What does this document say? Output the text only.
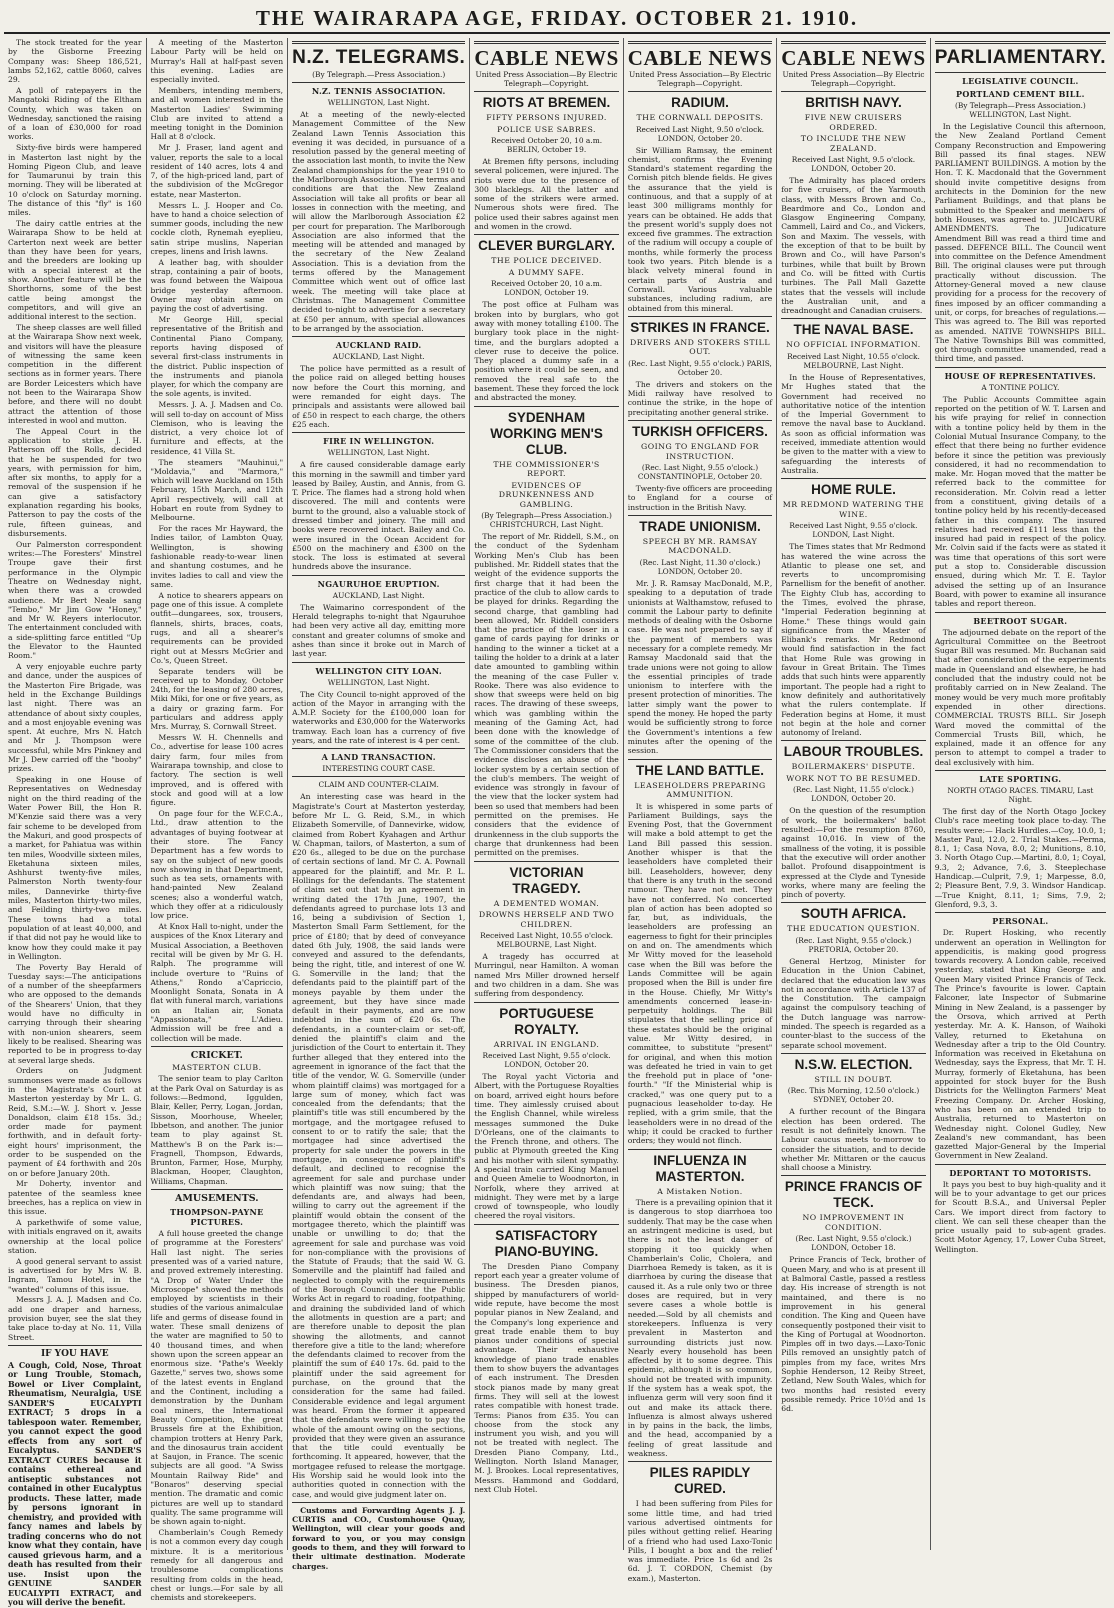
THE WAIRARAPA AGE, FRIDAY. OCTOBER 21. 1910.

The stock treated for the year by the Gisborne Freezing Company was: Sheep 186,521, lambs 52,162, cattle 8060, calves 29.

A poll of ratepayers in the Mangatoki Riding of the Eltham County, which was taken on Wednesday, sanctioned the raising of a loan of £30,000 for road works.

Sixty-five birds were hampered in Masterton last night by the Homing Pigeon Club, and leave for Taumarunui by train this morning. They will be liberated at 10 o'clock on Saturday morning. The distance of this "fly" is 160 miles.

The dairy cattle entries at the Wairarapa Show to be held at Carterton next week are better than they have been for years, and the breeders are looking up with a special interest at the show. Another feature will be the Shorthorns, some of the best cattle being amongst the competitors, and will give an additional interest to the section.

The sheep classes are well filled at the Wairarapa Show next week, and visitors will have the pleasure of witnessing the same keen competition in the different sections as in former years. There are Border Leicesters which have not been to the Wairarapa Show before, and there will no doubt attract the attention of those interested in wool and mutton.

The Appeal Court in the application to strike J. H. Patterson off the Rolls, decided that he be suspended for two years, with permission for him, after six months, to apply for a removal of the suspension if he can give a satisfactory explanation regarding his books, Patterson to pay the costs of the rule, fifteen guineas, and disbursements.

Our Palmerston correspondent writes:—The Foresters' Minstrel Troupe gave their first performance in the Olympic Theatre on Wednesday night, when there was a crowded audience. Mr Bert Neale sang "Tembo," Mr Jim Gow "Honey," and Mr W. Reyers interlocutor. The entertainment concluded with a side-splitting farce entitled "Up the Elevator to the Haunted Room."

A very enjoyable euchre party and dance, under the auspices of the Masterton Fire Brigade, was held in the Exchange Buildings last night. There was an attendance of about sixty couples, and a most enjoyable evening was spent. At euchre, Mrs N. Hatch and Mr J. Thompson were successful, while Mrs Pinkney and Mr J. Dew carried off the "booby" prizes.

Speaking in one House of Representatives on Wednesday night on the third reading of the Water Power Bill, the Hon R. M'Kenzie said there was a very fair scheme to be developed from the Makuri, and good prospects of a market, for Pahiatua was within ten miles, Woodville sixteen miles, Eketahuna sixteen miles, Ashhurst twenty-five miles, Palmerston North twenty-four miles, Dannevirke thirty-five miles, Masterton thirty-two miles, and Feilding thirty-two miles. These towns had a total population of at least 40,000, and if that did not pay he would like to know how they could make it pay in Wellington.

The Poverty Bay Herald of Tuesday says:—The anticipations of a number of the sheepfarmers who are opposed to the demands of the Shearers' Union, that they would have no difficulty in carrying through their shearing with non-union shearers, seem likely to be realised. Shearing was reported to be in progress to-day at several large sheds.

Orders on Judgment summonses were made as follows in the Magistrate's Court at Masterton yesterday by Mr L. G. Reid, S.M.:—W. J. Short v. Jesse Donaldson, claim £18 15s. 3d.; order made for payment forthwith, and in default forty-eight hours' imprisonment, the order to be suspended on the payment of £4 forthwith and 20s on or before January 20th.

Mr Doherty, inventor and patentee of the seamless knee breeches, has a replica on view in this issue.

A parkethwife of some value, with initials engraved on it, awaits ownership at the local police station.

A good general servant to assist is advertised for by Mrs W. B. Ingram, Tamou Hotel, in the "wanted" columns of this issue.

Messrs J. A. J. Madsen and Co. add one draper and harness, provision buyer, see the slat they take place to-day at No. 11, Villa Street.

IF YOU HAVE
A Cough, Cold, Nose, Throat or Lung Trouble, Stomach, Bowel or Liver Complaint, Rheumatism, Neuralgia, USE SANDER'S EUCALYPTI EXTRACT; 5 drops in a tablespoon water. Remember, you cannot expect the good effects from any sort of Eucalyptus. SANDER'S EXTRACT CURES because it contains ethereal and antiseptic substances not contained in other Eucalyptus products. These latter, made by persons ignorant in chemistry, and provided with fancy names and labels by trading concerns who do not know what they contain, have caused grievous harm, and a death has resulted from their use. Insist upon the GENUINE SANDER EUCALYPTI EXTRACT, and you will derive the benefit.

A meeting of the Masterton Labour Party will be held on Murray's Hall at half-past seven this evening. Ladies are especially invited.

Members, intending members, and all women interested in the Masterton Ladies' Swimming Club are invited to attend a meeting tonight in the Dominion Hall at 8 o'clock.

Mr J. Fraser, land agent and valuer, reports the sale to a local resident of 140 acres, lots 4 and 7, of the high-priced land, part of the subdivision of the McGregor estate, near Masterton.

Messrs L. J. Hooper and Co. have to hand a choice selection of summer goods, including the new cockle cloth, Rynemah eyeplieu, satin stripe muslins, Naperian crepes, linens and Irish lawns.

A leather bag, with shoulder strap, containing a pair of boots, was found between the Waipoua bridge yesterday afternoon. Owner may obtain same on paying the cost of advertising.

Mr George Hill, special representative of the British and Continental Piano Company, reports having disposed of several first-class instruments in the district. Public inspection of the instruments and pianola player, for which the company are the sole agents, is invited.

Messrs. J. A. J. Madsen and Co. will sell to-day on account of Miss Clemison, who is leaving the district, a very choice lot of furniture and effects, at the residence, 41 Villa St.

The steamers "Mauhinui," "Moldavia," and "Marmora," which will leave Auckland on 15th February, 15th March, and 12th April respectively, will call at Hobart en route from Sydney to Melbourne.

For the races Mr Hayward, the Indies tailor, of Lambton Quay, Wellington, is showing fashionable ready-to-wear linen and shantung costumes, and he invites ladies to call and view the same.

A notice to shearers appears on page one of this issue. A complete outfit—dungarees, sox, trousers, flannels, shirts, braces, coats, rugs, and all a shearer's requirements can be provided right out at Messrs McGrier and Co.'s, Queen Street.

Separate tenders will be received up to Monday, October 24th, for the leasing of 280 acres, Miki Miki, for one or five years, as a dairy or grazing farm. For particulars and address apply Mrs. Murray, S. Cornwall Street.

Messrs W. H. Chennells and Co., advertise for lease 100 acres dairy farm, four miles from Wairarapa township, and close to factory. The section is well improved, and is offered with stock and good will at a low figure.

On page four for the W.F.C.A., Ltd., draw attention to the advantages of buying footwear at their store. The Fancy Department has a few words to say on the subject of new goods now showing in that Department, such as tea sets, ornaments with hand-painted New Zealand scenes; also a wonderful watch, which they offer at a ridiculously low price.

At Knox Hall to-night, under the auspices of the Knox Literary and Musical Association, a Beethoven recital will be given by Mr G. H. Ralph. The programme will include overture to "Ruins of Athens," Rondo a'Capriccio, Moonlight Sonata, Sonata in A flat with funeral march, variations on an Italian air, Sonata "Appassionata," L'Adieu. Admission will be free and a collection will be made.

CRICKET.
MASTERTON CLUB.

The senior team to play Carlton at the Park Oval on Saturday is as follows:—Bedmond, Iggulden, Blair, Keller, Perry, Logan, Jordan, Sisson, Moorhouse, Wheeler, Ibbetson, and another. The junior team to play against St. Matthew's B on the Park is:—Fragnell, Thompson, Edwards, Brunton, Farmer, Hose, Murphy, Blackman, Hooper, Claughton, Williams, Chapman.

AMUSEMENTS.
THOMPSON-PAYNE PICTURES.

A full house greeted the change of programme at the Foresters' Hall last night. The series presented was of a varied nature, and proved extremely interesting. "A Drop of Water Under the Microscope" showed the methods employed by scientists in their studies of the various animalculae life and germs of disease found in water. These small denizens of the water are magnified to 50 to 40 thousand times, and when shown upon the screen appear an enormous size. "Pathe's Weekly Gazette," serves two, shows some of the latest events in England and the Continent, including a demonstration by the Dunham coal miners, the International Beauty Competition, the great Brussels fire at the Exhibition, champion trotters at Henry Park, and the dinosaurus train accident at Saujon, in France. The scenic subjects are all good. "A Swiss Mountain Railway Ride" and "Bonaros" deserving special mention. The dramatic and comic pictures are well up to standard quality. The same programme will be shown again to-night.

Chamberlain's Cough Remedy is not a common every day cough mixture. It is a meritorious remedy for all dangerous and troublesome complications resulting from colds in the head, chest or lungs.—For sale by all chemists and storekeepers.

N.Z. TELEGRAMS.
(By Telegraph.—Press Association.)
N.Z. TENNIS ASSOCIATION.
WELLINGTON, Last Night.

At a meeting of the newly-elected Management Committee of the New Zealand Lawn Tennis Association this evening it was decided, in pursuance of a resolution passed by the general meeting of the association last month, to invite the New Zealand championships for the year 1910 to the Marlborough Association. The terms and conditions are that the New Zealand Association will take all profits or bear all losses in connection with the meeting, and will allow the Marlborough Association £2 per court for preparation. The Marlborough Association are also informed that the meeting will be attended and managed by the secretary of the New Zealand Association. This is a deviation from the terms offered by the Management Committee which went out of office last week. The meeting will take place at Christmas. The Management Committee decided to-night to advertise for a secretary at £50 per annum, with special allowances to be arranged by the association.

AUCKLAND RAID.
AUCKLAND, Last Night.

The police have permitted as a result of the police raid on alleged betting houses now before the Court this morning, and were remanded for eight days. The principals and assistants were allowed bail of £50 in respect to each charge, the others £25 each.

FIRE IN WELLINGTON.
WELLINGTON, Last Night.

A fire caused considerable damage early this morning in the sawmill and timber yard leased by Bailey, Austin, and Annis, from G. T. Price. The flames had a strong hold when discovered. The mill and contents were burnt to the ground, also a valuable stock of dressed timber and joinery. The mill and books were recovered intact. Bailey and Co. were insured in the Ocean Accident for £500 on the machinery and £300 on the stock. The loss is estimated at several hundreds above the insurance.

NGAURUHOE ERUPTION.
AUCKLAND, Last Night.

The Waimarino correspondent of the Herald telegraphs to-night that Ngauruhoe had been very active all day, emitting more constant and greater columns of smoke and ashes than since it broke out in March of last year.

WELLINGTON CITY LOAN.
WELLINGTON, Last Night.

The City Council to-night approved of the action of the Mayor in arranging with the A.M.P. Society for the £100,000 loan for waterworks and £30,000 for the Waterworks tramway. Each loan has a currency of five years, and the rate of interest is 4 per cent.

A LAND TRANSACTION.
INTERESTING COURT CASE.
CLAIM AND COUNTER-CLAIM.

An interesting case was heard in the Magistrate's Court at Masterton yesterday, before Mr L. G. Reid, S.M., in which Elizabeth Somerville, of Dannevirke, widow, claimed from Robert Kyahagen and Arthur W. Chapman, tailors, of Masterton, a sum of £20 6s., alleged to be due on the purchase of certain sections of land. Mr C. A. Pownall appeared for the plaintiff, and Mr. P. L. Hollings for the defendants. The statement of claim set out that by an agreement in writing dated the 17th June, 1907, the defendants agreed to purchase lots 13 and 16, being a subdivision of Section 1, Masterton Small Farm Settlement, for the price of £180; that by deed of conveyance dated 6th July, 1908, the said lands were conveyed and assured to the defendants, being the right, title, and interest of one W. G. Somerville in the land; that the defendants paid to the plaintiff part of the moneys payable by them under the agreement, but they have since made default in their payments, and are now indebted in the sum of £20 6s. The defendants, in a counter-claim or set-off, denied the plaintiff's claim and the jurisdiction of the Court to entertain it. They further alleged that they entered into the agreement in ignorance of the fact that the title of the vendor, W. G. Somerville (under whom plaintiff claims) was mortgaged for a large sum of money, which fact was concealed from the defendants; that the plaintiff's title was still encumbered by the mortgage, and the mortgagee refused to consent to or to ratify the sale; that the mortgagee had since advertised the property for sale under the powers in the mortgage, in consequence of plaintiff's default, and declined to recognise the agreement for sale and purchase under which plaintiff was now suing; that the defendants are, and always had been, willing to carry out the agreement if the plaintiff would obtain the consent of the mortgagee thereto, which the plaintiff was unable or unwilling to do; that the agreement for sale and purchase was void for non-compliance with the provisions of the Statute of Frauds; that the said W. G. Somerville and the plaintiff had failed and neglected to comply with the requirements of the Borough Council under the Public Works Act in regard to roading, footpathing, and draining the subdivided land of which the allotments in question are a part; and are therefore unable to deposit the plan showing the allotments, and cannot therefore give a title to the land; wherefore the defendants claimed to recover from the plaintiff the sum of £40 17s. 6d. paid to the plaintiff under the said agreement for purchase, on the ground that the consideration for the same had failed. Considerable evidence and legal argument was heard. From the former it appeared that the defendants were willing to pay the whole of the amount owing on the sections, provided that they were given an assurance that the title could eventually be forthcoming. It appeared, however, that the mortgagee refused to release the mortgage. His Worship said he would look into the authorities quoted in connection with the case, and would give judgment later on.

Customs and Forwarding Agents J. J. CURTIS and CO., Customhouse Quay, Wellington, will clear your goods and forward to you, or you may consign goods to them, and they will forward to their ultimate destination. Moderate charges.

CABLE NEWS
United Press Association—By Electric Telegraph—Copyright.
RIOTS AT BREMEN.
FIFTY PERSONS INJURED.
POLICE USE SABRES.
Received October 20, 10 a.m. BERLIN, October 19.

At Bremen fifty persons, including several policemen, were injured. The riots were due to the presence of 300 blacklegs. All the latter and some of the strikers were armed. Numerous shots were fired. The police used their sabres against men and women in the crowd.

CLEVER BURGLARY.
THE POLICE DECEIVED.
A DUMMY SAFE.
Received October 20, 10 a.m. LONDON, October 19.

The post office at Fulham was broken into by burglars, who got away with money totalling £100. The burglary took place in the night-time, and the burglars adopted a clever ruse to deceive the police. They placed a dummy safe in a position where it could be seen, and removed the real safe to the basement. These they forced the lock and abstracted the money.

SYDENHAM WORKING MEN'S CLUB.
THE COMMISSIONER'S REPORT.
EVIDENCES OF DRUNKENNESS AND GAMBLING.
(By Telegraph—Press Association.) CHRISTCHURCH, Last Night.

The report of Mr. Riddell, S.M., on the conduct of the Sydenham Working Men's Club has been published. Mr. Riddell states that the weight of the evidence supports the first charge that it had been the practice of the club to allow cards to be played for drinks. Regarding the second charge, that gambling had been allowed, Mr. Riddell considers that the practice of the loser in a game of cards paying for drinks or handing to the winner a ticket at a tailing the holder to a drink at a later date amounted to gambling within the meaning of the case Fuller v. Rooke. There was also evidence to show that sweeps were held on big races. The drawing of these sweeps, which was gambling within the meaning of the Gaming Act, had been done with the knowledge of some of the committee of the club. The Commissioner considers that the evidence discloses an abuse of the locker system by a certain section of the club's members. The weight of evidence was strongly in favour of the view that the locker system had been so used that members had been permitted on the premises. He considers that the evidence of drunkenness in the club supports the charge that drunkenness had been permitted on the premises.

VICTORIAN TRAGEDY.
A DEMENTED WOMAN.
DROWNS HERSELF AND TWO CHILDREN.
Received Last Night, 10.55 o'clock. MELBOURNE, Last Night.

A tragedy has occurred at Murringul, near Hamilton. A woman named Mrs Miller drowned herself and two children in a dam. She was suffering from despondency.

PORTUGUESE ROYALTY.
ARRIVAL IN ENGLAND.
Received Last Night, 9.55 o'clock. LONDON, October 20.

The Royal yacht Victoria and Albert, with the Portuguese Royalties on board, arrived eight hours before time. They aimlessly cruised about the English Channel, while wireless messages summoned the Duke D'Orleans, one of the claimants to the French throne, and others. The public at Plymouth greeted the King and his mother with silent sympathy. A special train carried King Manuel and Queen Amelie to Woodnorton, in Norfolk, where they arrived at midnight. They were met by a large crowd of townspeople, who loudly cheered the royal visitors.

SATISFACTORY PIANO-BUYING.

The Dresden Piano Company report each year a greater volume of business. The Dresden pianos, shipped by manufacturers of world-wide repute, have become the most popular pianos in New Zealand, and the Company's long experience and great trade enable them to buy pianos under conditions of special advantage. Their exhaustive knowledge of piano trade enables them to show buyers the advantages of each instrument. The Dresden stock pianos made by many great firms. They will sell at the lowest rates compatible with honest trade. Terms: Pianos from £35. You can choose from the stock any instrument you wish, and you will not be treated with neglect. The Dresden Piano Company, Ltd., Wellington. North Island Manager, M. J. Brookes. Local representatives, Messrs. Hammond and Goddard, next Club Hotel.

CABLE NEWS
United Press Association—By Electric Telegraph—Copyright.
RADIUM.
THE CORNWALL DEPOSITS.
Received Last Night, 9.50 o'clock. LONDON, October 20.

Sir William Ramsay, the eminent chemist, confirms the Evening Standard's statement regarding the Cornish pitch blende fields. He gives the assurance that the yield is continuous, and that a supply of at least 300 milligrams monthly for years can be obtained. He adds that the present world's supply does not exceed five grammes. The extraction of the radium will occupy a couple of months, while formerly the process took two years. Pitch blende is a black velvety mineral found in certain parts of Austria and Cornwall. Various valuable substances, including radium, are obtained from this mineral.

STRIKES IN FRANCE.
DRIVERS AND STOKERS STILL OUT.
(Rec. Last Night, 9.55 o'clock.) PARIS, October 20.

The drivers and stokers on the Midi railway have resolved to continue the strike, in the hope of precipitating another general strike.

TURKISH OFFICERS.
GOING TO ENGLAND FOR INSTRUCTION.
(Rec. Last Night, 9.55 o'clock.) CONSTANTINOPLE, October 20.

Twenty-five officers are proceeding to England for a course of instruction in the British Navy.

TRADE UNIONISM.
SPEECH BY MR. RAMSAY MACDONALD.
(Rec. Last Night, 11.30 o'clock.) LONDON, October 20.

Mr. J. R. Ramsay MacDonald, M.P., speaking to a deputation of trade unionists at Walthamstow, refused to commit the Labour party to definite methods of dealing with the Osborne case. He was not prepared to say if the payment of members was necessary for a complete remedy. Mr Ramsay Macdonald said that the trade unions were not going to allow the essential principles of trade unionism to interfere with the present protection of minorities. The latter simply want the power to spend the money. He hoped the party would be sufficiently strong to force the Government's intentions a few minutes after the opening of the session.

THE LAND BATTLE.
LEASEHOLDERS PREPARING AMMUNITION.

It is whispered in some parts of Parliament Buildings, says the Evening Post, that the Government will make a bold attempt to get the Land Bill passed this session. Another whisper is that the leaseholders have completed their bill. Leaseholders, however, deny that there is any truth in the second rumour. They have not met. They have not conferred. No concerted plan of action has been adopted so far, but, as individuals, the leaseholders are professing an eagerness to fight for their principles on and on. The amendments which Mr Witty moved for the leasehold case when the Bill was before the Lands Committee will be again proposed when the Bill is under fire in the House. Chiefly, Mr Witty's amendments concerned lease-in-perpetuity holdings. The Bill stipulates that the selling price of these estates should be the original value. Mr Witty desired, in committee, to substitute "present" for original, and when this motion was defeated he tried in vain to get the freehold put in place of "one-fourth." "If the Ministerial whip is cracked," was one query put to a pugnacious leaseholder to-day. He replied, with a grim smile, that the leaseholders were in no dread of the whip; it could be cracked to further orders; they would not flinch.

INFLUENZA IN MASTERTON.
A Mistaken Notion.

There is a prevailing opinion that it is dangerous to stop diarrhoea too suddenly. That may be the case when an astringent medicine is used, but there is not the least danger of stopping it too quickly when Chamberlain's Colic, Cholera, and Diarrhoea Remedy is taken, as it is diarrhoea by curing the disease that caused it. As a rule only two or three doses are required, but in very severe cases a whole bottle is needed.—Sold by all chemists and storekeepers. Influenza is very prevalent in Masterton and surrounding districts just now. Nearly every household has been affected by it to some degree. This epidemic, although it is so common, should not be treated with impunity. If the system has a weak spot, the influenza germ will very soon find it out and make its attack there. Influenza is almost always ushered in by pains in the back, the limbs, and the head, accompanied by a feeling of great lassitude and weakness.

PILES RAPIDLY CURED.

I had been suffering from Piles for some little time, and had tried various advertised ointments for piles without getting relief. Hearing of a friend who had used Laxo-Tonic Pills, I bought a box and the relief was immediate. Price 1s 6d and 2s 6d. J. T. CORDON, Chemist (by exam.), Masterton.

CABLE NEWS
United Press Association—By Electric Telegraph—Copyright.
BRITISH NAVY.
FIVE NEW CRUISERS ORDERED.
TO INCLUDE THE NEW ZEALAND.
Received Last Night, 9.5 o'clock. LONDON, October 20.

The Admiralty has placed orders for five cruisers, of the Yarmouth class, with Messrs Brown and Co., Beardmore and Co., London and Glasgow Engineering Company, Cammell, Laird and Co., and Vickers, Son and Maxim. The vessels, with the exception of that to be built by Brown and Co., will have Parson's turbines, while that built by Brown and Co. will be fitted with Curtis turbines. The Pall Mall Gazette states that the vessels will include the Australian unit, and a dreadnought and Canadian cruisers.

THE NAVAL BASE.
NO OFFICIAL INFORMATION.
Received Last Night, 10.55 o'clock. MELBOURNE, Last Night.

In the House of Representatives, Mr Hughes stated that the Government had received no authoritative notice of the intention of the Imperial Government to remove the naval base to Auckland. As soon as official information was received, immediate attention would be given to the matter with a view to safeguarding the interests of Australia.

HOME RULE.
MR REDMOND WATERING THE WINE.
Received Last Night, 9.55 o'clock. LONDON, Last Night.

The Times states that Mr Redmond has watered the wine across the Atlantic to please one set, and reverts to uncompromising Parnellism for the benefit of another. The Eighty Club has, according to the Times, evolved the phrase, "Imperial Federation beginning at Home." These things would gain significance from the Master of Elibank's remarks. Mr Redmond would find satisfaction in the fact that Home Rule was growing in favour in Great Britain. The Times adds that such hints were apparently important. The people had a right to know definitely and authoritatively what the rulers contemplate. If Federation begins at Home, it must not begin at the hole and corner autonomy of Ireland.

LABOUR TROUBLES.
BOILERMAKERS' DISPUTE.
WORK NOT TO BE RESUMED.
(Rec. Last Night, 11.55 o'clock.) LONDON, October 20.

On the question of the resumption of work, the boilermakers' ballot resulted:—For the resumption 8760, against 10,016. In view of the smallness of the voting, it is possible that the executive will order another ballot. Profound disappointment is expressed at the Clyde and Tyneside works, where many are feeling the pinch of poverty.

SOUTH AFRICA.
THE EDUCATION QUESTION.
(Rec. Last Night, 9.55 o'clock.) PRETORIA, October 20.

General Hertzog, Minister for Education in the Union Cabinet, declared that the education law was not in accordance with Article 137 of the Constitution. The campaign against the compulsory teaching of the Dutch language was narrow-minded. The speech is regarded as a counter-blast to the success of the separate school movement.

N.S.W. ELECTION.
STILL IN DOUBT.
(Rec. This Morning, 12.50 o'clock.) SYDNEY, October 20.

A further recount of the Bingara election has been ordered. The result is not definitely known. The Labour caucus meets to-morrow to consider the situation, and to decide whether Mr. Mittaren or the caucus shall choose a Ministry.

PRINCE FRANCIS OF TECK.
NO IMPROVEMENT IN CONDITION.
(Rec. Last Night, 9.55 o'clock.) LONDON, October 18.

Prince Francis of Teck, brother of Queen Mary, and who is at present ill at Balmoral Castle, passed a restless day. His increase of strength is not maintained, and there is no improvement in his general condition. The King and Queen have consequently postponed their visit to the King of Portugal at Woodnorton. Pimples off in two days.—Laxo-Tonic Pills removed an unsightly patch of pimples from my face, writes Mrs Sophie Henderson, 12 Reiby Street, Zetland, New South Wales, which for two months had resisted every possible remedy. Price 10½d and 1s 6d.

PARLIAMENTARY.
LEGISLATIVE COUNCIL.
PORTLAND CEMENT BILL.
(By Telegraph—Press Association.) WELLINGTON, Last Night.

In the Legislative Council this afternoon, the New Zealand Portland Cement Company Reconstruction and Empowering Bill passed its final stages. NEW PARLIAMENT BUILDINGS. A motion by the Hon. T. K. Macdonald that the Government should invite competitive designs from architects in the Dominion for the new Parliament Buildings, and that plans be submitted to the Speaker and members of both Houses, was agreed to. JUDICATURE AMENDMENTS. The Judicature Amendment Bill was read a third time and passed. DEFENCE BILL. The Council went into committee on the Defence Amendment Bill. The original clauses were put through practically without discussion. The Attorney-General moved a new clause providing for a process for the recovery of fines imposed by an officer commanding a unit, or corps, for breaches of regulations.—This was agreed to. The Bill was reported as amended. NATIVE TOWNSHIPS BILL. The Native Townships Bill was committed, got through committee unamended, read a third time, and passed.

HOUSE OF REPRESENTATIVES.
A TONTINE POLICY.

The Public Accounts Committee again reported on the petition of W. T. Larsen and his wife praying for relief in connection with a tontine policy held by them in the Colonial Mutual Insurance Company, to the effect that there being no further evidence before it since the petition was previously considered, it had no recommendation to make. Mr. Hogan moved that the matter be referred back to the committee for reconsideration. Mr. Colvin read a letter from a constituent, giving details of a tontine policy held by his recently-deceased father in this company. The insured relatives had received £111 less than the insured had paid in respect of the policy. Mr. Colvin said if the facts were as stated it was time that operations of this sort were put a stop to. Considerable discussion ensued, during which Mr. T. E. Taylor advised the setting up of an Insurance Board, with power to examine all insurance tables and report thereon.

BEETROOT SUGAR.

The adjourned debate on the report of the Agricultural Committee on the Beetroot Sugar Bill was resumed. Mr. Buchanan said that after consideration of the experiments made in Queensland and elsewhere, he had concluded that the industry could not be profitably carried on in New Zealand. The money would be very much more profitably expended in other directions. COMMERCIAL TRUSTS BILL. Sir Joseph Ward moved the committal of the Commercial Trusts Bill, which, he explained, made it an offence for any person to attempt to compel a trader to deal exclusively with him.

LATE SPORTING.
NORTH OTAGO RACES. TIMARU, Last Night.

The first day of the North Otago Jockey Club's race meeting took place to-day. The results were:— Hack Hurdles.—Coy, 10.0, 1; Master Paul, 12.0, 2. Trial Stakes.—Perma, 8.1, 1; Casa Nova, 8.0, 2; Munitions, 8.10, 3. North Otago Cup.—Martini, 8.0, 1; Coyal, 9.3, 2; Advance, 7.6, 3. Steeplechase Handicap.—Culprit, 7.9, 1; Marpesse, 8.0, 2; Pleasure Bent, 7.9, 3. Windsor Handicap.—True Knight, 8.11, 1; Sims, 7.9, 2; Glenford, 9.3, 3.

PERSONAL.

Dr. Rupert Hosking, who recently underwent an operation in Wellington for appendicitis, is making good progress towards recovery. A London cable, received yesterday, stated that King George and Queen Mary visited Prince Francis of Teck. The Prince's favourite is lower. Captain Falconer, late Inspector of Submarine Mining in New Zealand, is a passenger by the Orsova, which arrived at Perth yesterday. Mr. A. K. Hanson, of Waihoki Valley, returned to Eketahuna on Wednesday after a trip to the Old Country. Information was received in Eketahuna on Wednesday, says the Express, that Mr. T. H. Murray, formerly of Eketahuna, has been appointed for stock buyer for the Bush Districts for the Wellington Farmers' Meat Freezing Company. Dr. Archer Hosking, who has been on an extended trip to Australia, returned to Masterton on Wednesday night. Colonel Gudley, New Zealand's new commandant, has been gazetted Major-General by the Imperial Government in New Zealand.

DEPORTANT TO MOTORISTS.

It pays you best to buy high-quality and it will be to your advantage to get our prices for Scoutt B.S.A., and Universal Pepler Cars. We import direct from factory to client. We can sell these cheaper than the price usually paid to sub-agent grades. Scott Motor Agency, 17, Lower Cuba Street, Wellington.
